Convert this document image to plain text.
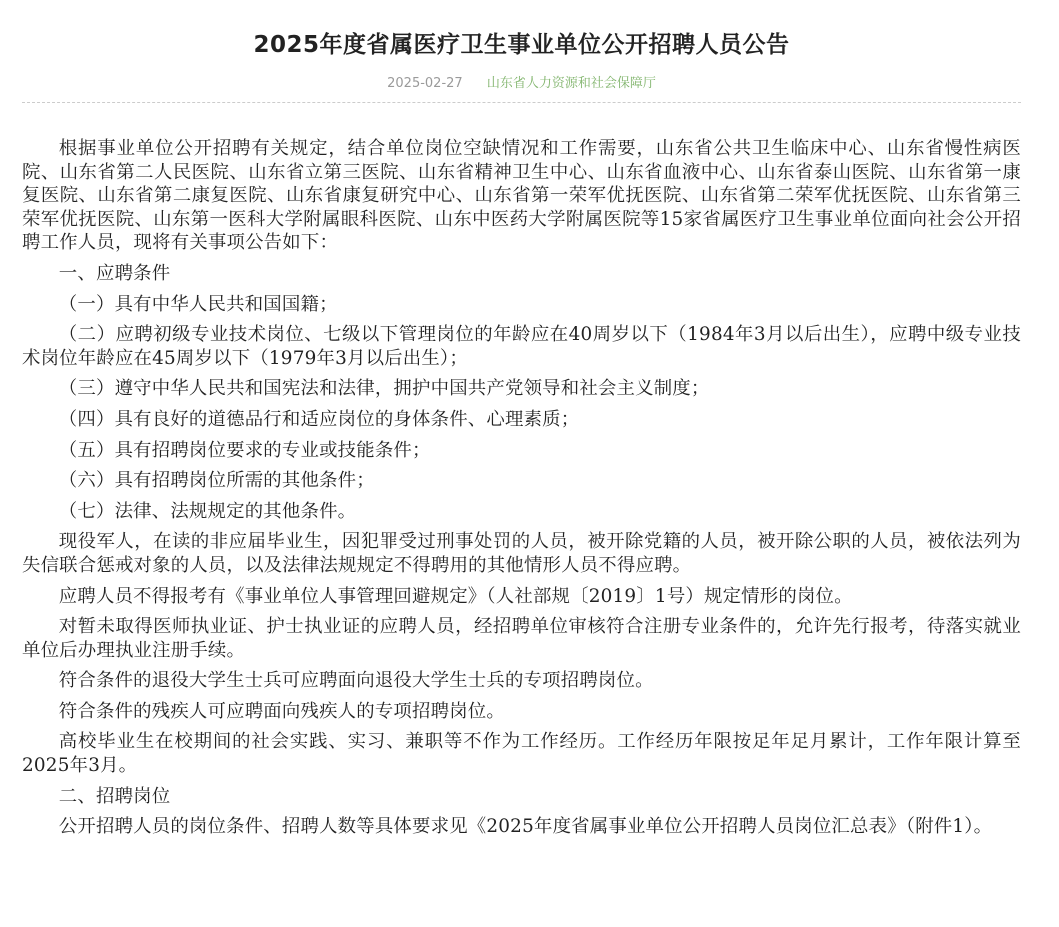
2025年度省属医疗卫生事业单位公开招聘人员公告
2025-02-27 山东省人力资源和社会保障厅

根据事业单位公开招聘有关规定，结合单位岗位空缺情况和工作需要，山东省公共卫生临床中心、山东省慢性病医院、山东省第二人民医院、山东省立第三医院、山东省精神卫生中心、山东省血液中心、山东省泰山医院、山东省第一康复医院、山东省第二康复医院、山东省康复研究中心、山东省第一荣军优抚医院、山东省第二荣军优抚医院、山东省第三荣军优抚医院、山东第一医科大学附属眼科医院、山东中医药大学附属医院等15家省属医疗卫生事业单位面向社会公开招聘工作人员，现将有关事项公告如下：

一、应聘条件

（一）具有中华人民共和国国籍；

（二）应聘初级专业技术岗位、七级以下管理岗位的年龄应在40周岁以下（1984年3月以后出生），应聘中级专业技术岗位年龄应在45周岁以下（1979年3月以后出生）；

（三）遵守中华人民共和国宪法和法律，拥护中国共产党领导和社会主义制度；

（四）具有良好的道德品行和适应岗位的身体条件、心理素质；

（五）具有招聘岗位要求的专业或技能条件；

（六）具有招聘岗位所需的其他条件；

（七）法律、法规规定的其他条件。

现役军人，在读的非应届毕业生，因犯罪受过刑事处罚的人员，被开除党籍的人员，被开除公职的人员，被依法列为失信联合惩戒对象的人员，以及法律法规规定不得聘用的其他情形人员不得应聘。

应聘人员不得报考有《事业单位人事管理回避规定》（人社部规〔2019〕1号）规定情形的岗位。

对暂未取得医师执业证、护士执业证的应聘人员，经招聘单位审核符合注册专业条件的，允许先行报考，待落实就业单位后办理执业注册手续。

符合条件的退役大学生士兵可应聘面向退役大学生士兵的专项招聘岗位。

符合条件的残疾人可应聘面向残疾人的专项招聘岗位。

高校毕业生在校期间的社会实践、实习、兼职等不作为工作经历。工作经历年限按足年足月累计，工作年限计算至2025年3月。

二、招聘岗位

公开招聘人员的岗位条件、招聘人数等具体要求见《2025年度省属事业单位公开招聘人员岗位汇总表》（附件1）。
